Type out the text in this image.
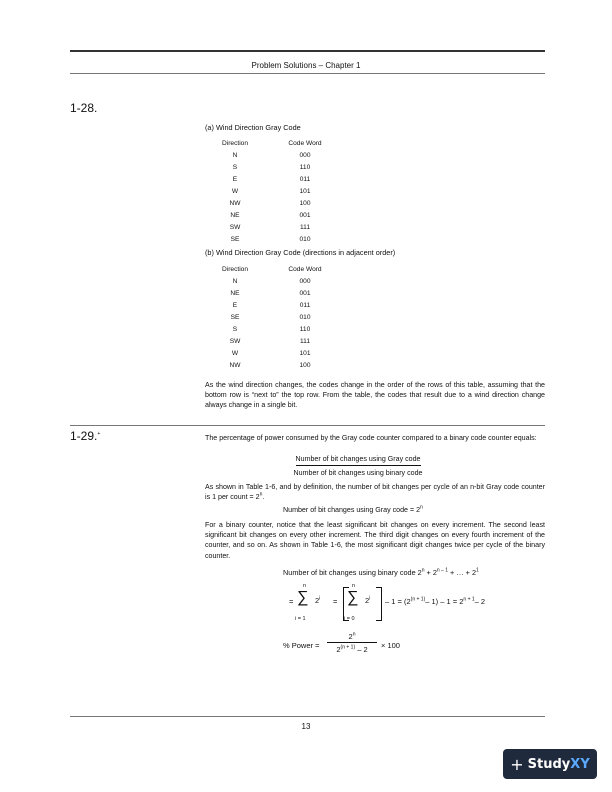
Problem Solutions – Chapter 1
1-28.
(a) Wind Direction Gray Code
Direction	Code Word
N	000
S	110
E	011
W	101
NW	100
NE	001
SW	111
SE	010
(b) Wind Direction Gray Code (directions in adjacent order)
Direction	Code Word
N	000
NE	001
E	011
SE	010
S	110
SW	111
W	101
NW	100
As the wind direction changes, the codes change in the order of the rows of this table, assuming that the bottom row is “next to” the top row. From the table, the codes that result due to a wind direction change always change in a single bit.
1-29.+	The percentage of power consumed by the Gray code counter compared to a binary code counter equals:
Number of bit changes using Gray code
Number of bit changes using binary code
As shown in Table 1-6, and by definition, the number of bit changes per cycle of an n-bit Gray code counter is 1 per count = $2^n$.
Number of bit changes using Gray code = $2^n$
For a binary counter, notice that the least significant bit changes on every increment. The second least significant bit changes on every other increment. The third digit changes on every fourth increment of the counter, and so on. As shown in Table 1-6, the most significant digit changes twice per cycle of the binary counter.
Number of bit changes using binary code $2^n + 2^{n - 1}$ + … + $2^1$
=
n
∑
i = 1
$2^i$ =
n
∑
i = 0
$2^i - 1 = (2^{(n + 1)}-$ $1) - 1 = 2^{n + 1}-$ 2
% Power = $\frac{2^n}{2^{(n + 1)} - 2} \times 100$
13
+ StudyXY
